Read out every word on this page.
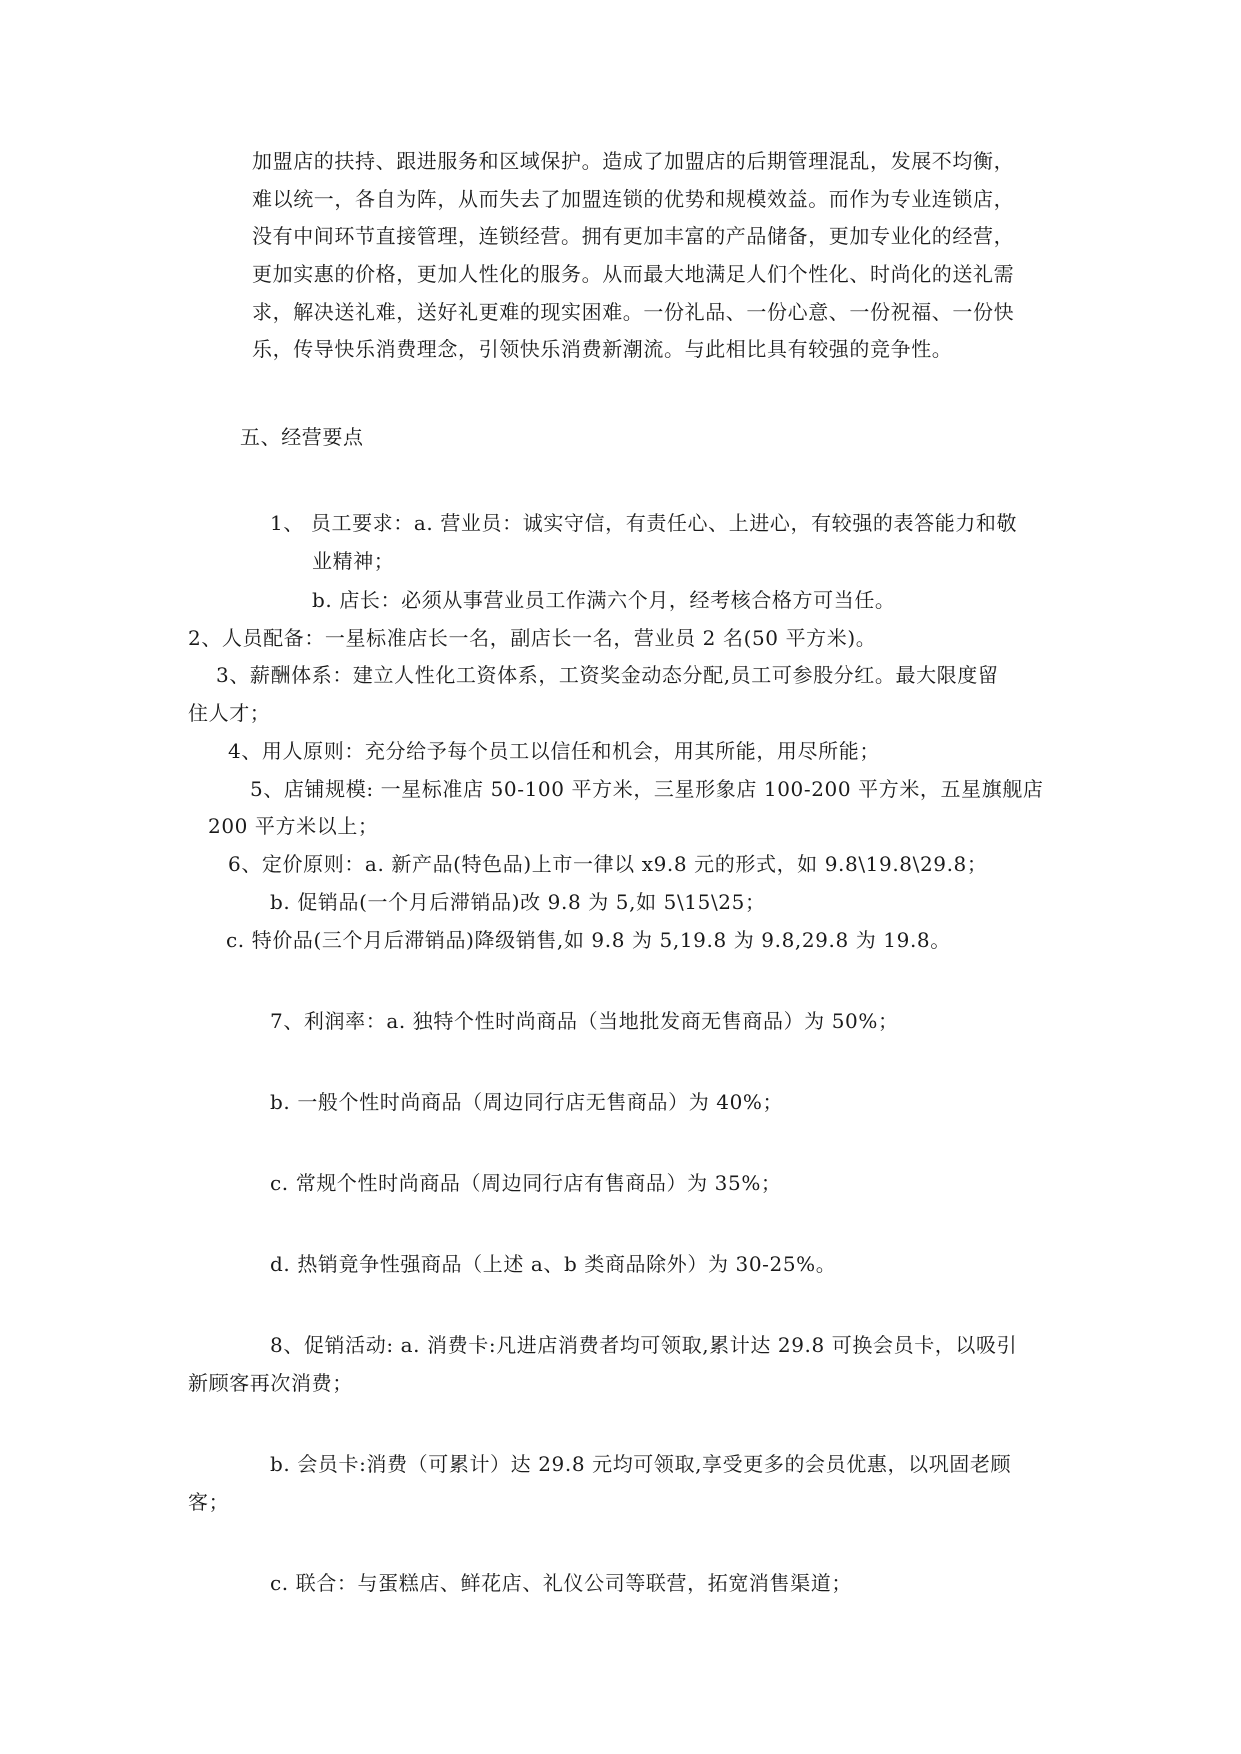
加盟店的扶持、跟进服务和区域保护。造成了加盟店的后期管理混乱，发展不均衡，
难以统一，各自为阵，从而失去了加盟连锁的优势和规模效益。而作为专业连锁店，
没有中间环节直接管理，连锁经营。拥有更加丰富的产品储备，更加专业化的经营，
更加实惠的价格，更加人性化的服务。从而最大地满足人们个性化、时尚化的送礼需
求，解决送礼难，送好礼更难的现实困难。一份礼品、一份心意、一份祝福、一份快
乐，传导快乐消费理念，引领快乐消费新潮流。与此相比具有较强的竞争性。
五、经营要点
1、 员工要求：a. 营业员：诚实守信，有责任心、上进心，有较强的表答能力和敬
业精神；
b. 店长：必须从事营业员工作满六个月，经考核合格方可当任。
2、人员配备：一星标准店长一名，副店长一名，营业员 2 名(50 平方米)。
3、薪酬体系：建立人性化工资体系，工资奖金动态分配,员工可参股分红。最大限度留
住人才；
4、用人原则：充分给予每个员工以信任和机会，用其所能，用尽所能；
5、店铺规模: 一星标准店 50-100 平方米，三星形象店 100-200 平方米，五星旗舰店
200 平方米以上；
6、定价原则：a. 新产品(特色品)上市一律以 x9.8 元的形式，如 9.8\19.8\29.8；
b. 促销品(一个月后滞销品)改 9.8 为 5,如 5\15\25；
c. 特价品(三个月后滞销品)降级销售,如 9.8 为 5,19.8 为 9.8,29.8 为 19.8。
7、利润率：a. 独特个性时尚商品（当地批发商无售商品）为 50%；
b. 一般个性时尚商品（周边同行店无售商品）为 40%；
c. 常规个性时尚商品（周边同行店有售商品）为 35%；
d. 热销竟争性强商品（上述 a、b 类商品除外）为 30-25%。
8、促销活动: a. 消费卡:凡进店消费者均可领取,累计达 29.8 可换会员卡，以吸引
新顾客再次消费；
b. 会员卡:消费（可累计）达 29.8 元均可领取,享受更多的会员优惠，以巩固老顾
客；
c. 联合：与蛋糕店、鲜花店、礼仪公司等联营，拓宽消售渠道；
